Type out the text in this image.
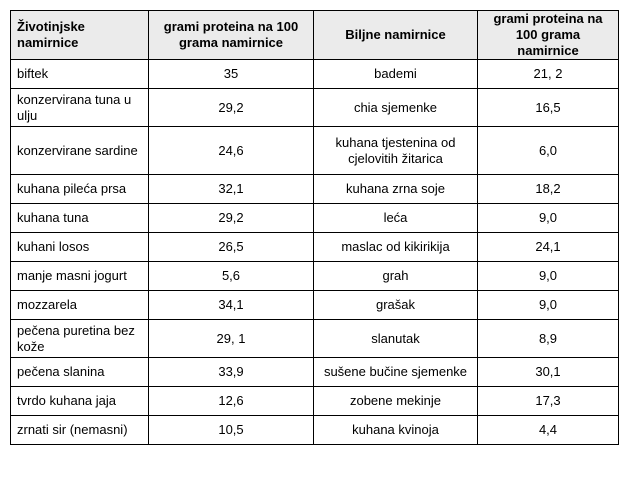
Životinjske namirnice	grami proteina na 100 grama namirnice	Biljne namirnice	grami proteina na 100 grama namirnice
biftek	35	bademi	21, 2
konzervirana tuna u ulju	29,2	chia sjemenke	16,5
konzervirane sardine	24,6	kuhana tjestenina od cjelovitih žitarica	6,0
kuhana pileća prsa	32,1	kuhana zrna soje	18,2
kuhana tuna	29,2	leća	9,0
kuhani losos	26,5	maslac od kikirikija	24,1
manje masni jogurt	5,6	grah	9,0
mozzarela	34,1	grašak	9,0
pečena puretina bez kože	29, 1	slanutak	8,9
pečena slanina	33,9	sušene bučine sjemenke	30,1
tvrdo kuhana jaja	12,6	zobene mekinje	17,3
zrnati sir (nemasni)	10,5	kuhana kvinoja	4,4
